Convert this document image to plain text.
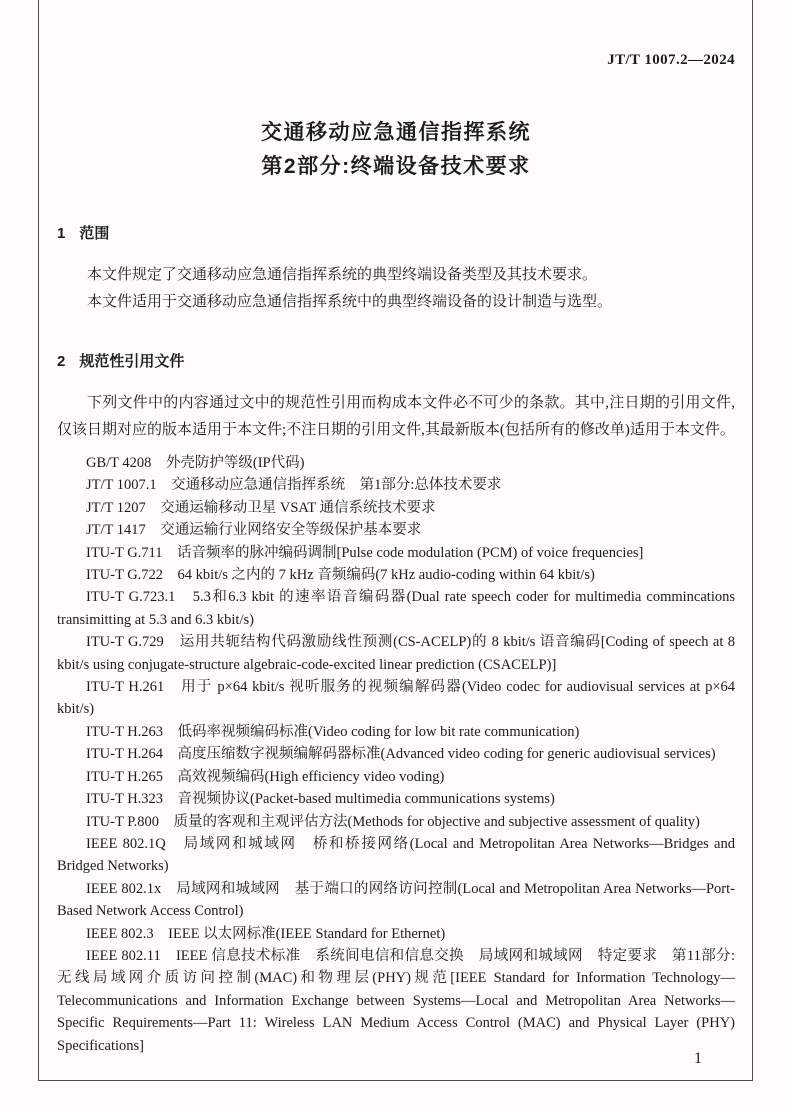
JT/T 1007.2—2024
交通移动应急通信指挥系统
第2部分:终端设备技术要求
1 范围

本文件规定了交通移动应急通信指挥系统的典型终端设备类型及其技术要求。

本文件适用于交通移动应急通信指挥系统中的典型终端设备的设计制造与选型。

2 规范性引用文件

下列文件中的内容通过文中的规范性引用而构成本文件必不可少的条款。其中,注日期的引用文件,仅该日期对应的版本适用于本文件;不注日期的引用文件,其最新版本(包括所有的修改单)适用于本文件。

GB/T 4208　外壳防护等级(IP代码)

JT/T 1007.1　交通移动应急通信指挥系统　第1部分:总体技术要求

JT/T 1207　交通运输移动卫星 VSAT 通信系统技术要求

JT/T 1417　交通运输行业网络安全等级保护基本要求

ITU-T G.711　话音频率的脉冲编码调制[Pulse code modulation (PCM) of voice frequencies]

ITU-T G.722　64 kbit/s 之内的 7 kHz 音频编码(7 kHz audio-coding within 64 kbit/s)

ITU-T G.723.1　5.3和6.3 kbit 的速率语音编码器(Dual rate speech coder for multimedia commincations transimitting at 5.3 and 6.3 kbit/s)

ITU-T G.729　运用共轭结构代码激励线性预测(CS-ACELP)的 8 kbit/s 语音编码[Coding of speech at 8 kbit/s using conjugate-structure algebraic-code-excited linear prediction (CSACELP)]

ITU-T H.261　用于 p×64 kbit/s 视听服务的视频编解码器(Video codec for audiovisual services at p×64 kbit/s)

ITU-T H.263　低码率视频编码标准(Video coding for low bit rate communication)

ITU-T H.264　高度压缩数字视频编解码器标准(Advanced video coding for generic audiovisual services)

ITU-T H.265　高效视频编码(High efficiency video voding)

ITU-T H.323　音视频协议(Packet-based multimedia communications systems)

ITU-T P.800　质量的客观和主观评估方法(Methods for objective and subjective assessment of quality)

IEEE 802.1Q　局域网和城域网　桥和桥接网络(Local and Metropolitan Area Networks—Bridges and Bridged Networks)

IEEE 802.1x　局域网和城域网　基于端口的网络访问控制(Local and Metropolitan Area Networks—Port-Based Network Access Control)

IEEE 802.3　IEEE 以太网标准(IEEE Standard for Ethernet)

IEEE 802.11　IEEE 信息技术标准　系统间电信和信息交换　局域网和城域网　特定要求　第11部分:无线局域网介质访问控制(MAC)和物理层(PHY)规范[IEEE Standard for Information Technology—Telecommunications and Information Exchange between Systems—Local and Metropolitan Area Networks—Specific Requirements—Part 11: Wireless LAN Medium Access Control (MAC) and Physical Layer (PHY) Specifications]

1
